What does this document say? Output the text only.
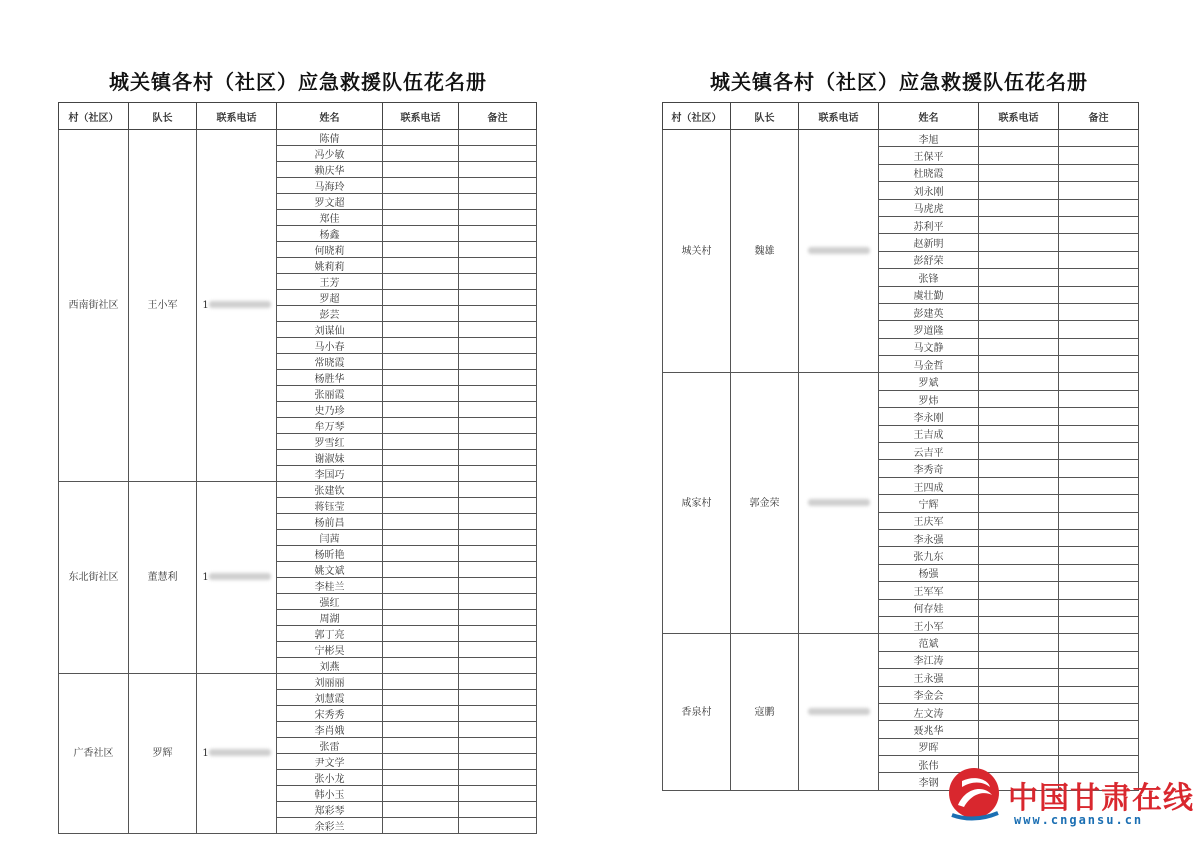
城关镇各村（社区）应急救援队伍花名册
村（社区）	队长	联系电话	姓名	联系电话	备注
西南街社区	王小军	1	陈倩	

			冯少敏	

			赖庆华	

			马海玲	

			罗文超	

			郑佳	

			杨鑫	

			何晓莉	

			姚莉莉	

			王芳	

			罗超	

			彭芸	

			刘谋仙	

			马小春	

			常晓霞	

			杨胜华	

			张丽霞	

			史乃珍	

			牟万琴	

			罗雪红	

			谢淑妹	

			李国巧	

东北街社区	董慧利	1	张建钦	

			蒋钰莹	

			杨前昌	

			闫茜	

			杨昕艳	

			姚文斌	

			李桂兰	

			强红	

			周湖	

			郭丁亮	

			宁彬昊	

			刘燕	

广香社区	罗辉	1	刘丽丽	

			刘慧霞	

			宋秀秀	

			李肖娥	

			张雷	

			尹文学	

			张小龙	

			韩小玉	

			郑彩琴	

			余彩兰	

城关镇各村（社区）应急救援队伍花名册
村（社区）	队长	联系电话	姓名	联系电话	备注
城关村	魏雄		李旭	

			王保平	

			杜晓霞	

			刘永刚	

			马虎虎	

			苏利平	

			赵新明	

			彭舒荣	

			张锋	

			虞壮勤	

			彭建英	

			罗道隆	

			马文静	

			马金哲	

咸家村	郭金荣		罗斌	

			罗炜	

			李永刚	

			王吉成	

			云吉平	

			李秀奇	

			王四成	

			宁辉	

			王庆军	

			李永强	

			张九东	

			杨强	

			王军军	

			何存娃	

			王小军	

香泉村	寇鹏		范斌	

			李江涛	

			王永强	

			李金会	

			左文涛	

			聂兆华	

			罗晖	

			张伟	

			李钢	
	中国甘肃在线
www.cngansu.cn
